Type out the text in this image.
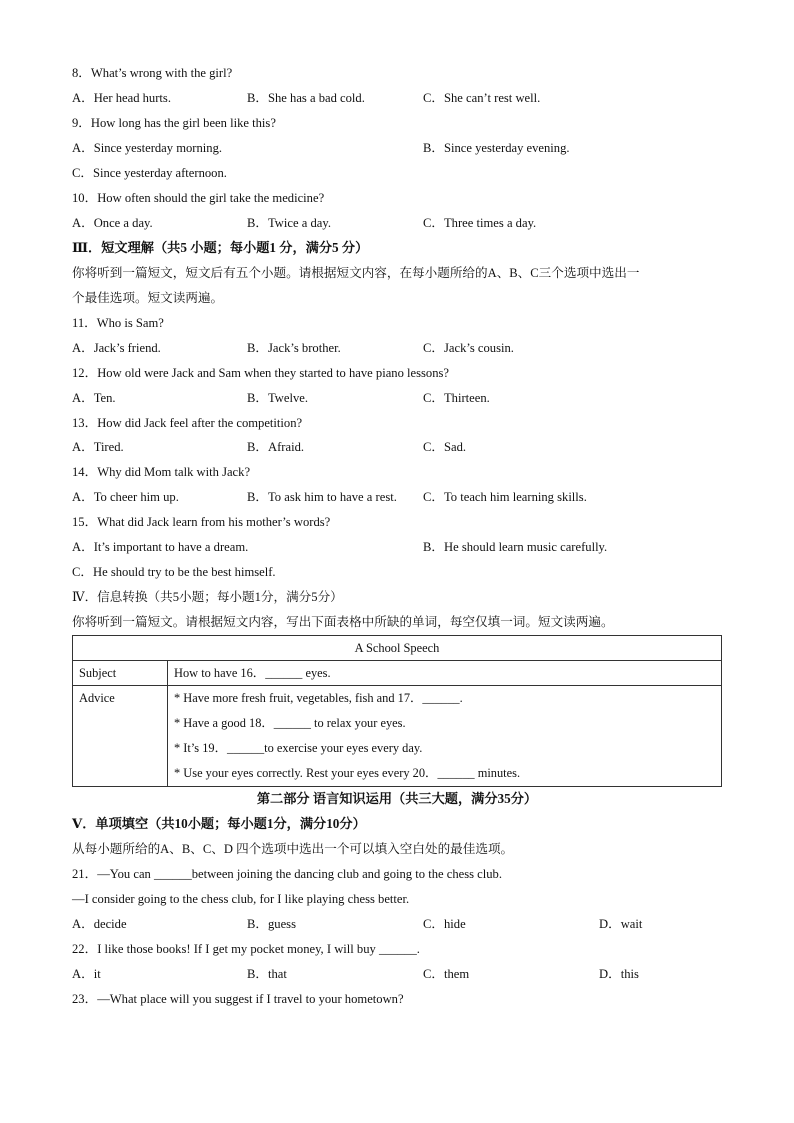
8．What’s wrong with the girl?
A．Her head hurts.	B．She has a bad cold.	C．She can’t rest well.
9．How long has the girl been like this?
A．Since yesterday morning.	B．Since yesterday evening.
C．Since yesterday afternoon.
10．How often should the girl take the medicine?
A．Once a day.	B．Twice a day.	C．Three times a day.
Ⅲ．短文理解（共5 小题；每小题1 分，满分5 分）
你将听到一篇短文，短文后有五个小题。请根据短文内容，在每小题所给的A、B、C三个选项中选出一
个最佳选项。短文读两遍。
11．Who is Sam?
A．Jack’s friend.	B．Jack’s brother.	C．Jack’s cousin.
12．How old were Jack and Sam when they started to have piano lessons?
A．Ten.	B．Twelve.	C．Thirteen.
13．How did Jack feel after the competition?
A．Tired.	B．Afraid.	C．Sad.
14．Why did Mom talk with Jack?
A．To cheer him up.	B．To ask him to have a rest. C．To teach him learning skills.
15．What did Jack learn from his mother’s words?
A．It’s important to have a dream.	B．He should learn music carefully.
C．He should try to be the best himself.
Ⅳ．信息转换（共5小题；每小题1分，满分5分）
你将听到一篇短文。请根据短文内容，写出下面表格中所缺的单词，每空仅填一词。短文读两遍。
A School Speech	
Subject	How to have 16．______ eyes.
Advice	* Have more fresh fruit, vegetables, fish and 17．______.
* Have a good 18．______ to relax your eyes.
* It’s 19．______to exercise your eyes every day.
* Use your eyes correctly. Rest your eyes every 20．______ minutes.
第二部分 语言知识运用（共三大题，满分35分）
Ⅴ．单项填空（共10小题；每小题1分，满分10分）
从每小题所给的A、B、C、D 四个选项中选出一个可以填入空白处的最佳选项。
21．—You can ______between joining the dancing club and going to the chess club.
—I consider going to the chess club, for I like playing chess better.
A．decide	B．guess	C．hide	D．wait
22．I like those books! If I get my pocket money, I will buy ______.
A．it	B．that	C．them	D．this
23．—What place will you suggest if I travel to your hometown?
